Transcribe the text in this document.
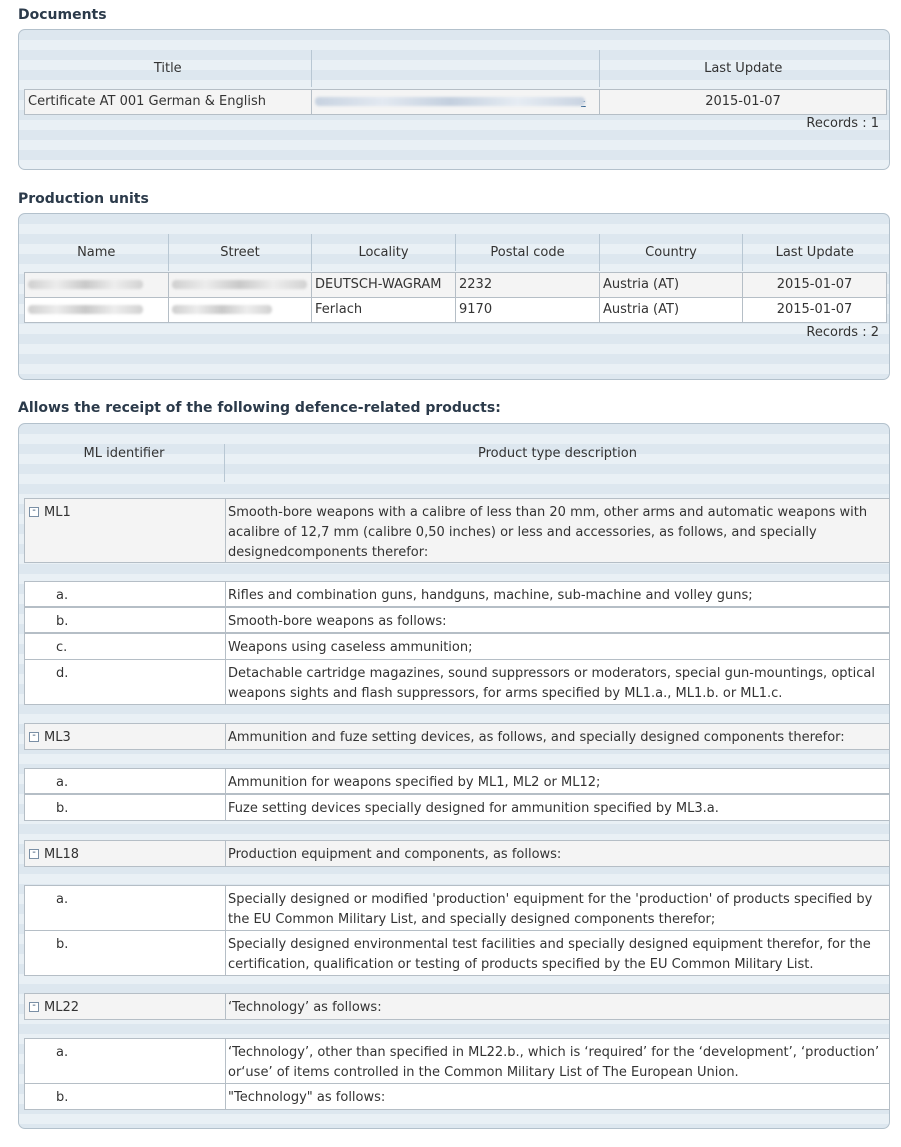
Documents
Title		Last Update

Certificate AT 001 German & English		2015-01-07
Records : 1
Production units
Name	Street	Locality	Postal code	Country	Last Update

		DEUTSCH-WAGRAM	2232	Austria (AT)	2015-01-07
		Ferlach	9170	Austria (AT)	2015-01-07
Records : 2
Allows the receipt of the following defence-related products:
ML identifier	Product type description
- ML1	Smooth-bore weapons with a calibre of less than 20 mm, other arms and automatic weapons with acalibre of 12,7 mm (calibre 0,50 inches) or less and accessories, as follows, and specially designedcomponents therefor:
a.	Rifles and combination guns, handguns, machine, sub-machine and volley guns;
b.	Smooth-bore weapons as follows:
c.	Weapons using caseless ammunition;
d.	Detachable cartridge magazines, sound suppressors or moderators, special gun-mountings, optical weapons sights and flash suppressors, for arms specified by ML1.a., ML1.b. or ML1.c.
- ML3	Ammunition and fuze setting devices, as follows, and specially designed components therefor:
a.	Ammunition for weapons specified by ML1, ML2 or ML12;
b.	Fuze setting devices specially designed for ammunition specified by ML3.a.
- ML18	Production equipment and components, as follows:
a.	Specially designed or modified 'production' equipment for the 'production' of products specified by the EU Common Military List, and specially designed components therefor;
b.	Specially designed environmental test facilities and specially designed equipment therefor, for the certification, qualification or testing of products specified by the EU Common Military List.
- ML22	‘Technology’ as follows:
a.	‘Technology’, other than specified in ML22.b., which is ‘required’ for the ‘development’, ‘production’ or‘use’ of items controlled in the Common Military List of The European Union.
b.	"Technology" as follows:
